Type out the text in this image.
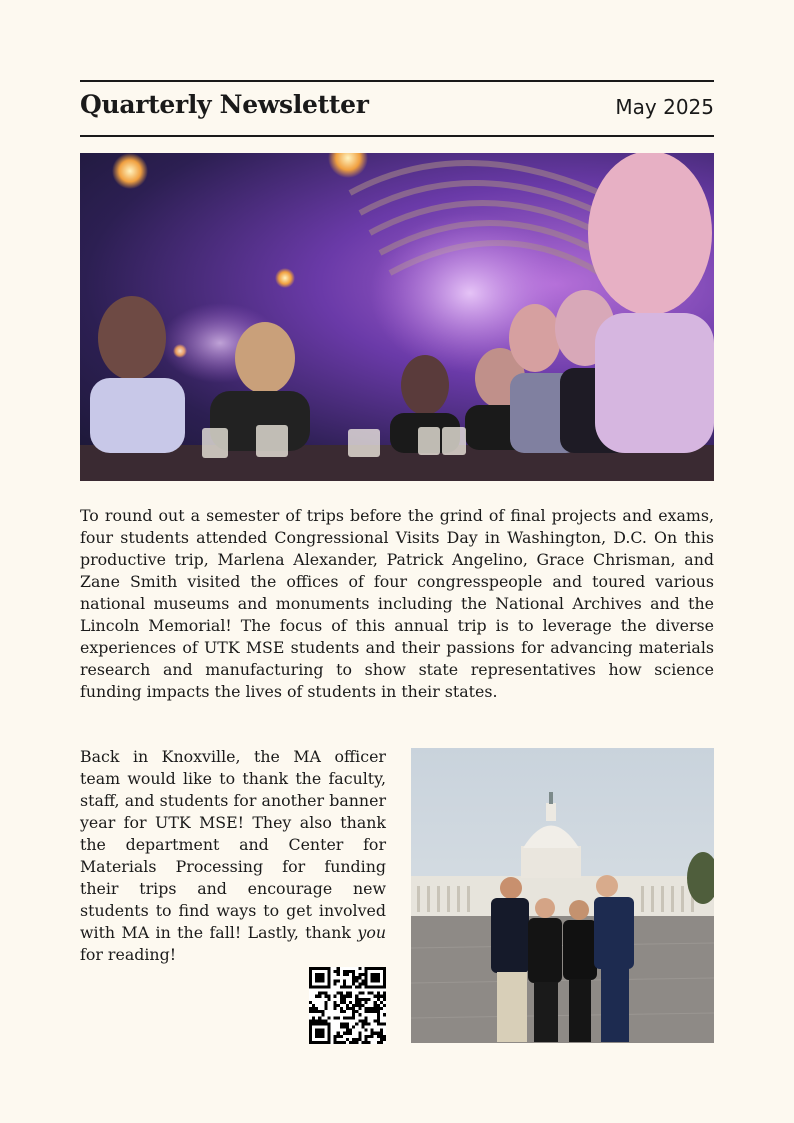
Quarterly Newsletter	May 2025

To round out a semester of trips before the grind of final projects and exams, four students attended Congressional Visits Day in Washington, D.C. On this productive trip, Marlena Alexander, Patrick Angelino, Grace Chrisman, and Zane Smith visited the offices of four congresspeople and toured various national museums and monuments including the National Archives and the Lincoln Memorial! The focus of this annual trip is to leverage the diverse experiences of UTK MSE students and their passions for advancing materials research and manufacturing to show state representatives how science funding impacts the lives of students in their states.

Back in Knoxville, the MA officer team would like to thank the faculty, staff, and students for another banner year for UTK MSE! They also thank the department and Center for Materials Processing for funding their trips and encourage new students to find ways to get involved with MA in the fall! Lastly, thank you for reading!
